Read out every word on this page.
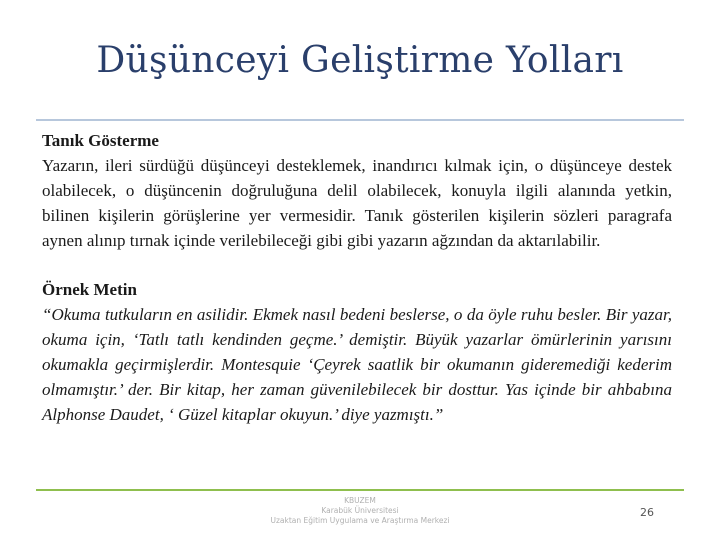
Düşünceyi Geliştirme Yolları

Tanık Gösterme

Yazarın, ileri sürdüğü düşünceyi desteklemek, inandırıcı kılmak için, o düşünceye destek olabilecek, o düşüncenin doğruluğuna delil olabilecek, konuyla ilgili alanında yetkin, bilinen kişilerin görüşlerine yer vermesidir. Tanık gösterilen kişilerin sözleri paragrafa aynen alınıp tırnak içinde verilebileceği gibi gibi yazarın ağzından da aktarılabilir.

Örnek Metin

“Okuma tutkuların en asilidir. Ekmek nasıl bedeni beslerse, o da öyle ruhu besler. Bir yazar, okuma için, ‘Tatlı tatlı kendinden geçme.’ demiştir. Büyük yazarlar ömürlerinin yarısını okumakla geçirmişlerdir. Montesquie ‘Çeyrek saatlik bir okumanın gideremediği kederim olmamıştır.’ der. Bir kitap, her zaman güvenilebilecek bir dosttur. Yas içinde bir ahbabına Alphonse Daudet, ‘ Güzel kitaplar okuyun.’ diye yazmıştı.”

KBUZEM
Karabük Üniversitesi
Uzaktan Eğitim Uygulama ve Araştırma Merkezi
26
